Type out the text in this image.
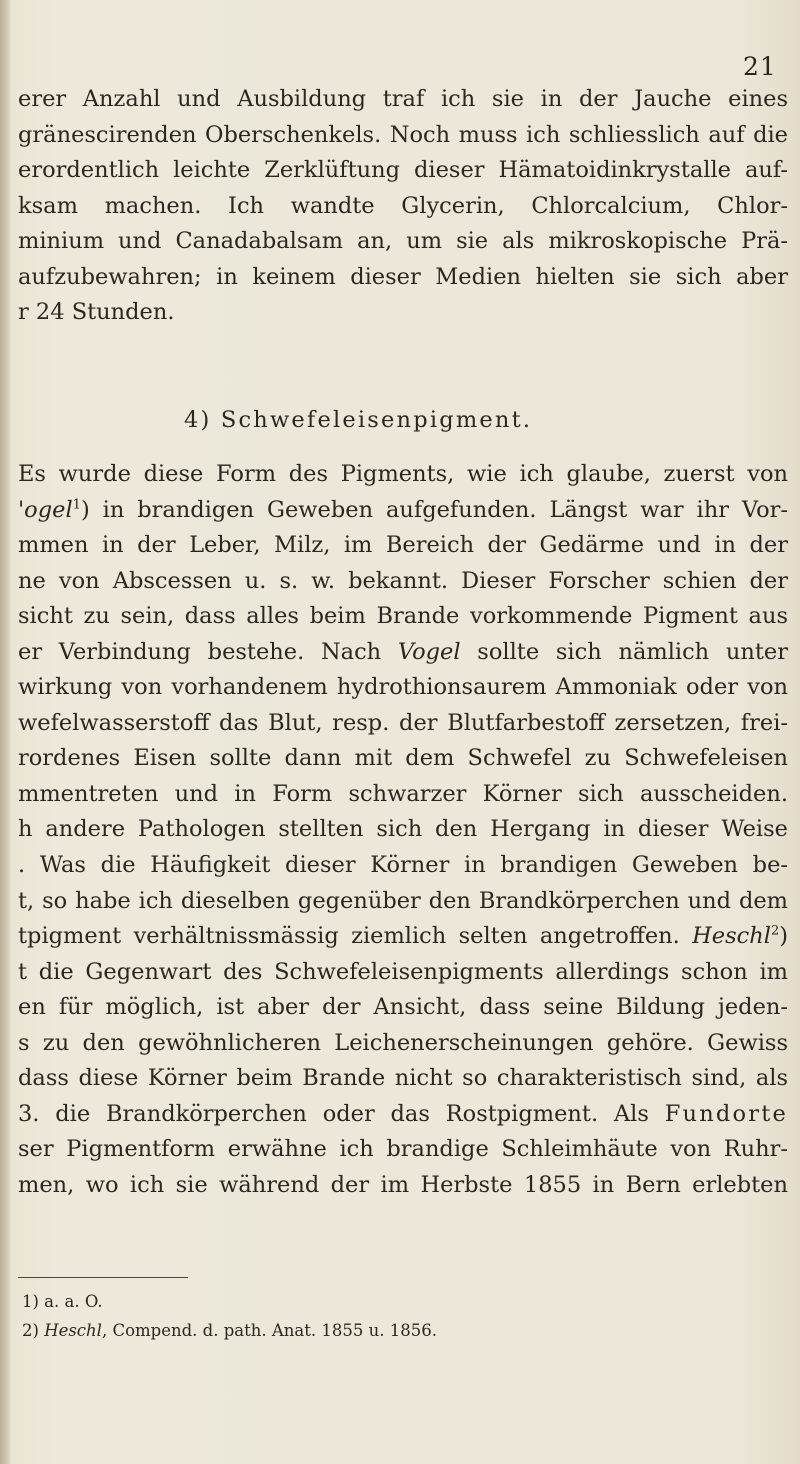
21
erer Anzahl und Ausbildung traf ich sie in der Jauche eines
gränescirenden Oberschenkels. Noch muss ich schliesslich auf die
erordentlich leichte Zerklüftung dieser Hämatoidinkrystalle auf-
ksam machen. Ich wandte Glycerin, Chlorcalcium, Chlor-
minium und Canadabalsam an, um sie als mikroskopische Prä-
aufzubewahren; in keinem dieser Medien hielten sie sich aber
r 24 Stunden.
4) Schwefeleisenpigment.
Es wurde diese Form des Pigments, wie ich glaube, zuerst von
'ogel$^1$) in brandigen Geweben aufgefunden. Längst war ihr Vor-
mmen in der Leber, Milz, im Bereich der Gedärme und in der
ne von Abscessen u. s. w. bekannt. Dieser Forscher schien der
sicht zu sein, dass alles beim Brande vorkommende Pigment aus
er Verbindung bestehe. Nach Vogel sollte sich nämlich unter
wirkung von vorhandenem hydrothionsaurem Ammoniak oder von
wefelwasserstoff das Blut, resp. der Blutfarbestoff zersetzen, frei-
rordenes Eisen sollte dann mit dem Schwefel zu Schwefeleisen
mmentreten und in Form schwarzer Körner sich ausscheiden.
h andere Pathologen stellten sich den Hergang in dieser Weise
. Was die Häufigkeit dieser Körner in brandigen Geweben be-
t, so habe ich dieselben gegenüber den Brandkörperchen und dem
tpigment verhältnissmässig ziemlich selten angetroffen. Heschl$^2$)
t die Gegenwart des Schwefeleisenpigments allerdings schon im
en für möglich, ist aber der Ansicht, dass seine Bildung jeden-
s zu den gewöhnlicheren Leichenerscheinungen gehöre. Gewiss
dass diese Körner beim Brande nicht so charakteristisch sind, als
3. die Brandkörperchen oder das Rostpigment. Als Fundorte
ser Pigmentform erwähne ich brandige Schleimhäute von Ruhr-
men, wo ich sie während der im Herbste 1855 in Bern erlebten
1) a. a. O.
2) Heschl, Compend. d. path. Anat. 1855 u. 1856.
